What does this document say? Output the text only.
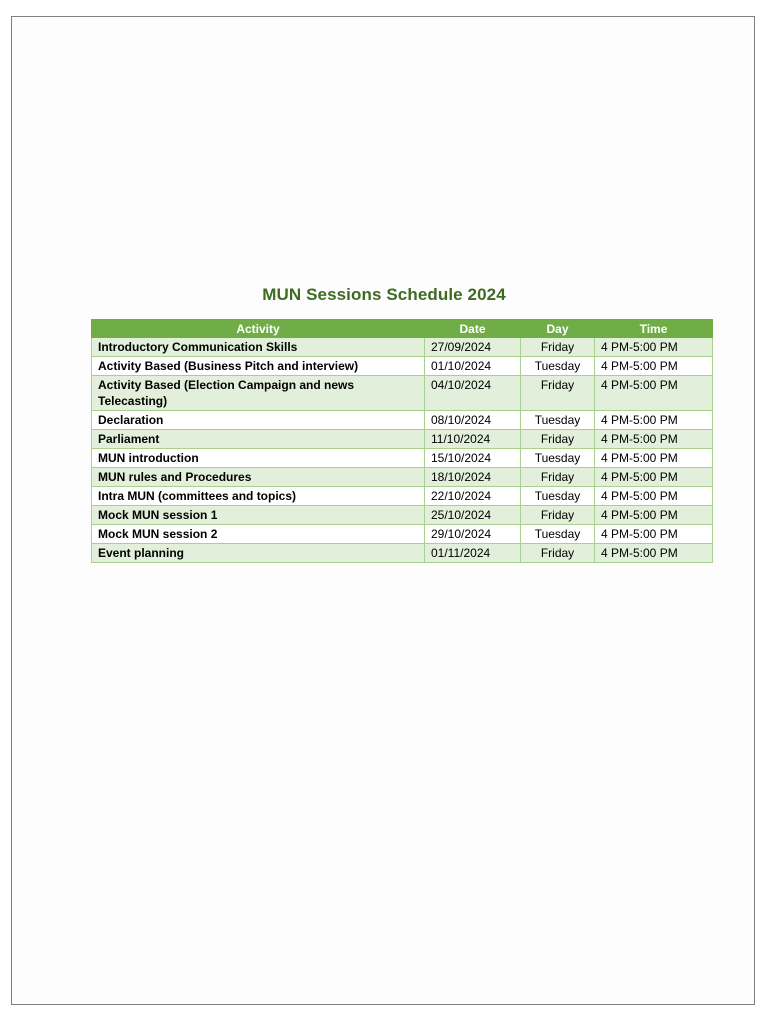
MUN Sessions Schedule 2024
Activity	Date	Day	Time
Introductory Communication Skills	27/09/2024	Friday	4 PM-5:00 PM
Activity Based (Business Pitch and interview)	01/10/2024	Tuesday	4 PM-5:00 PM
Activity Based (Election Campaign and news Telecasting)	04/10/2024	Friday	4 PM-5:00 PM
Declaration	08/10/2024	Tuesday	4 PM-5:00 PM
Parliament	11/10/2024	Friday	4 PM-5:00 PM
MUN introduction	15/10/2024	Tuesday	4 PM-5:00 PM
MUN rules and Procedures	18/10/2024	Friday	4 PM-5:00 PM
Intra MUN (committees and topics)	22/10/2024	Tuesday	4 PM-5:00 PM
Mock MUN session 1	25/10/2024	Friday	4 PM-5:00 PM
Mock MUN session 2	29/10/2024	Tuesday	4 PM-5:00 PM
Event planning	01/11/2024	Friday	4 PM-5:00 PM
